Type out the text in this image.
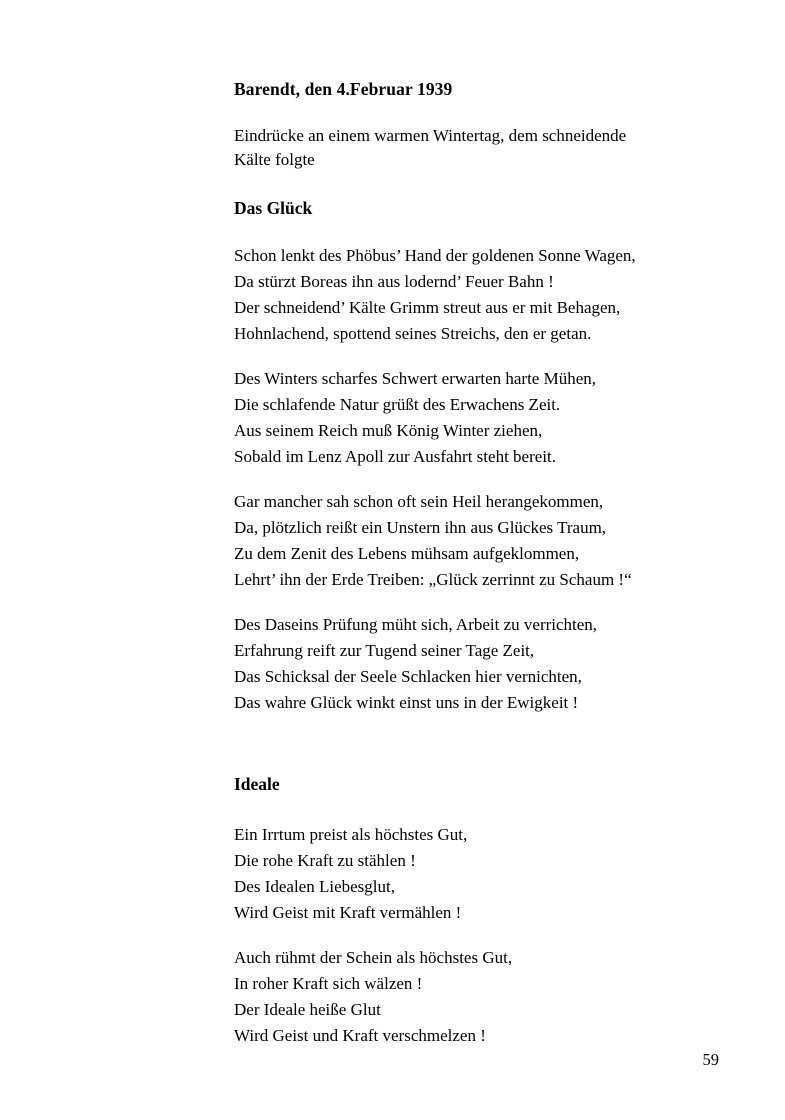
Barendt, den 4.Februar 1939

Eindrücke an einem warmen Wintertag, dem schneidende
Kälte folgte

Das Glück

Schon lenkt des Phöbus’ Hand der goldenen Sonne Wagen,
Da stürzt Boreas ihn aus lodernd’ Feuer Bahn !
Der schneidend’ Kälte Grimm streut aus er mit Behagen,
Hohnlachend, spottend seines Streichs, den er getan.

Des Winters scharfes Schwert erwarten harte Mühen,
Die schlafende Natur grüßt des Erwachens Zeit.
Aus seinem Reich muß König Winter ziehen,
Sobald im Lenz Apoll zur Ausfahrt steht bereit.

Gar mancher sah schon oft sein Heil herangekommen,
Da, plötzlich reißt ein Unstern ihn aus Glückes Traum,
Zu dem Zenit des Lebens mühsam aufgeklommen,
Lehrt’ ihn der Erde Treiben: „Glück zerrinnt zu Schaum !“

Des Daseins Prüfung müht sich, Arbeit zu verrichten,
Erfahrung reift zur Tugend seiner Tage Zeit,
Das Schicksal der Seele Schlacken hier vernichten,
Das wahre Glück winkt einst uns in der Ewigkeit !

Ideale

Ein Irrtum preist als höchstes Gut,
Die rohe Kraft zu stählen !
Des Idealen Liebesglut,
Wird Geist mit Kraft vermählen !

Auch rühmt der Schein als höchstes Gut,
In roher Kraft sich wälzen !
Der Ideale heiße Glut
Wird Geist und Kraft verschmelzen !

59
